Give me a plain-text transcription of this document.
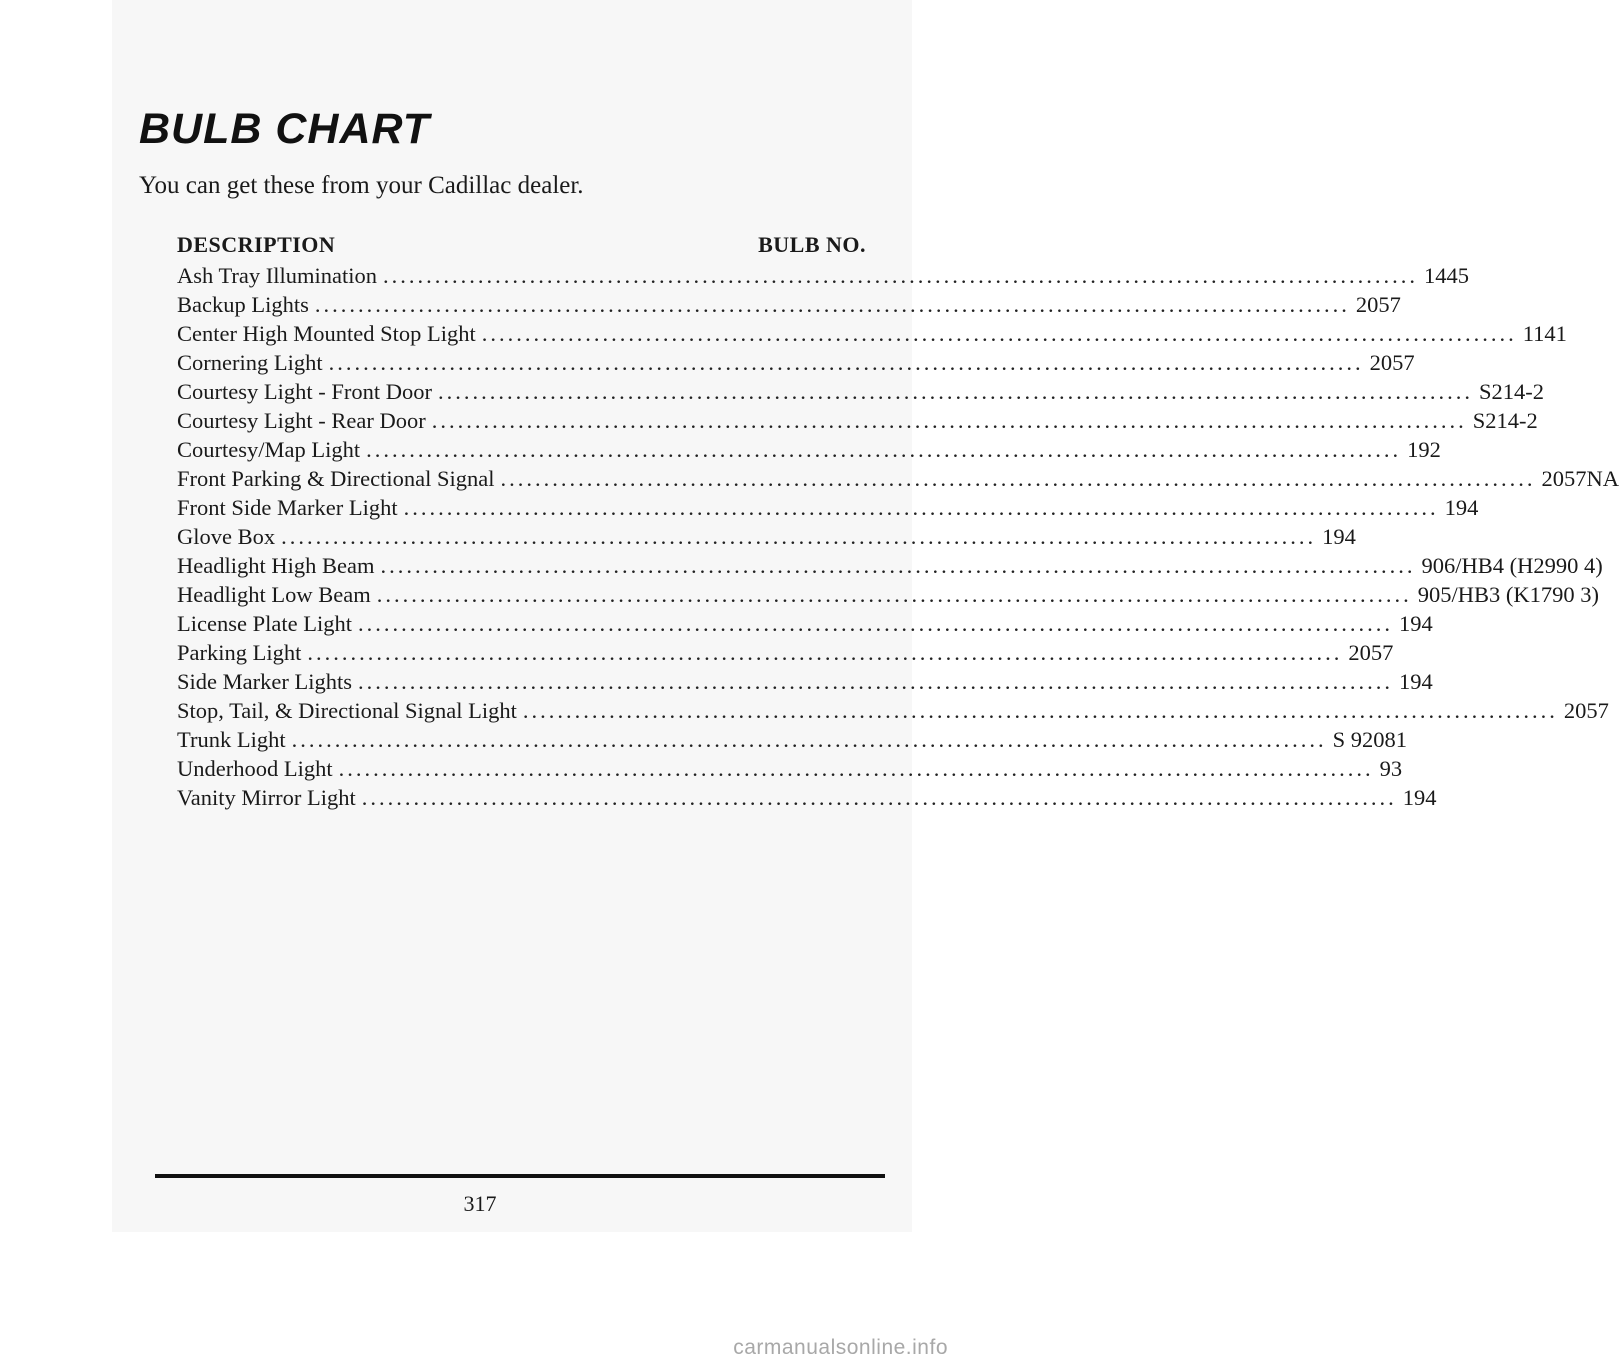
BULB CHART

You can get these from your Cadillac dealer.

DESCRIPTION	BULB NO.
Ash Tray Illumination ........................................................................................................................ 1445
Backup Lights ........................................................................................................................ 2057
Center High Mounted Stop Light ........................................................................................................................ 1141
Cornering Light ........................................................................................................................ 2057
Courtesy Light - Front Door ........................................................................................................................ S214-2
Courtesy Light - Rear Door ........................................................................................................................ S214-2
Courtesy/Map Light ........................................................................................................................ 192
Front Parking & Directional Signal ........................................................................................................................ 2057NA
Front Side Marker Light ........................................................................................................................ 194
Glove Box ........................................................................................................................ 194
Headlight High Beam ........................................................................................................................ 906/HB4 (H2990 4)
Headlight Low Beam ........................................................................................................................ 905/HB3 (K1790 3)
License Plate Light ........................................................................................................................ 194
Parking Light ........................................................................................................................ 2057
Side Marker Lights ........................................................................................................................ 194
Stop, Tail, & Directional Signal Light ........................................................................................................................ 2057
Trunk Light ........................................................................................................................ S 92081
Underhood Light ........................................................................................................................ 93
Vanity Mirror Light ........................................................................................................................ 194
317
carmanualsonline.info
